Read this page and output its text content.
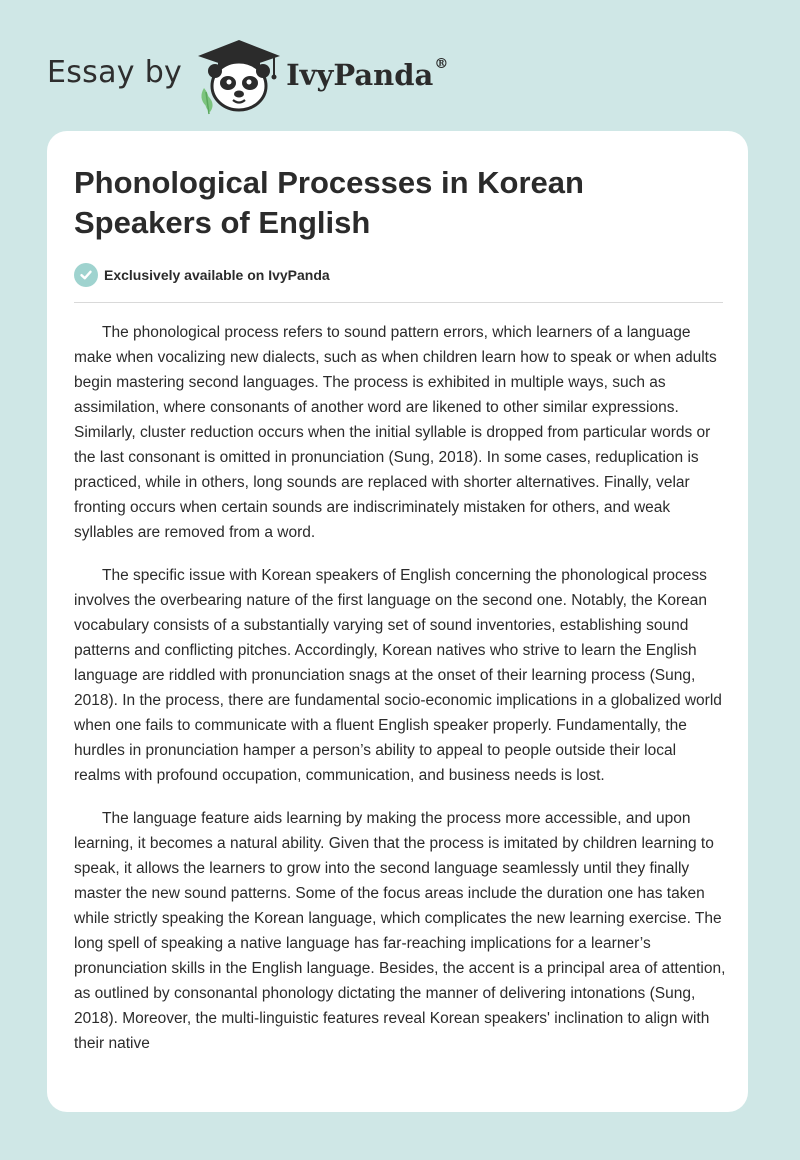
Essay by	IvyPanda®
Phonological Processes in Korean Speakers of English
Exclusively available on IvyPanda

The phonological process refers to sound pattern errors, which learners of a language make when vocalizing new dialects, such as when children learn how to speak or when adults begin mastering second languages. The process is exhibited in multiple ways, such as assimilation, where consonants of another word are likened to other similar expressions. Similarly, cluster reduction occurs when the initial syllable is dropped from particular words or the last consonant is omitted in pronunciation (Sung, 2018). In some cases, reduplication is practiced, while in others, long sounds are replaced with shorter alternatives. Finally, velar fronting occurs when certain sounds are indiscriminately mistaken for others, and weak syllables are removed from a word.

The specific issue with Korean speakers of English concerning the phonological process involves the overbearing nature of the first language on the second one. Notably, the Korean vocabulary consists of a substantially varying set of sound inventories, establishing sound patterns and conflicting pitches. Accordingly, Korean natives who strive to learn the English language are riddled with pronunciation snags at the onset of their learning process (Sung, 2018). In the process, there are fundamental socio-economic implications in a globalized world when one fails to communicate with a fluent English speaker properly. Fundamentally, the hurdles in pronunciation hamper a person’s ability to appeal to people outside their local realms with profound occupation, communication, and business needs is lost.

The language feature aids learning by making the process more accessible, and upon learning, it becomes a natural ability. Given that the process is imitated by children learning to speak, it allows the learners to grow into the second language seamlessly until they finally master the new sound patterns. Some of the focus areas include the duration one has taken while strictly speaking the Korean language, which complicates the new learning exercise. The long spell of speaking a native language has far-reaching implications for a learner’s pronunciation skills in the English language. Besides, the accent is a principal area of attention, as outlined by consonantal phonology dictating the manner of delivering intonations (Sung, 2018). Moreover, the multi-linguistic features reveal Korean speakers' inclination to align with their native
